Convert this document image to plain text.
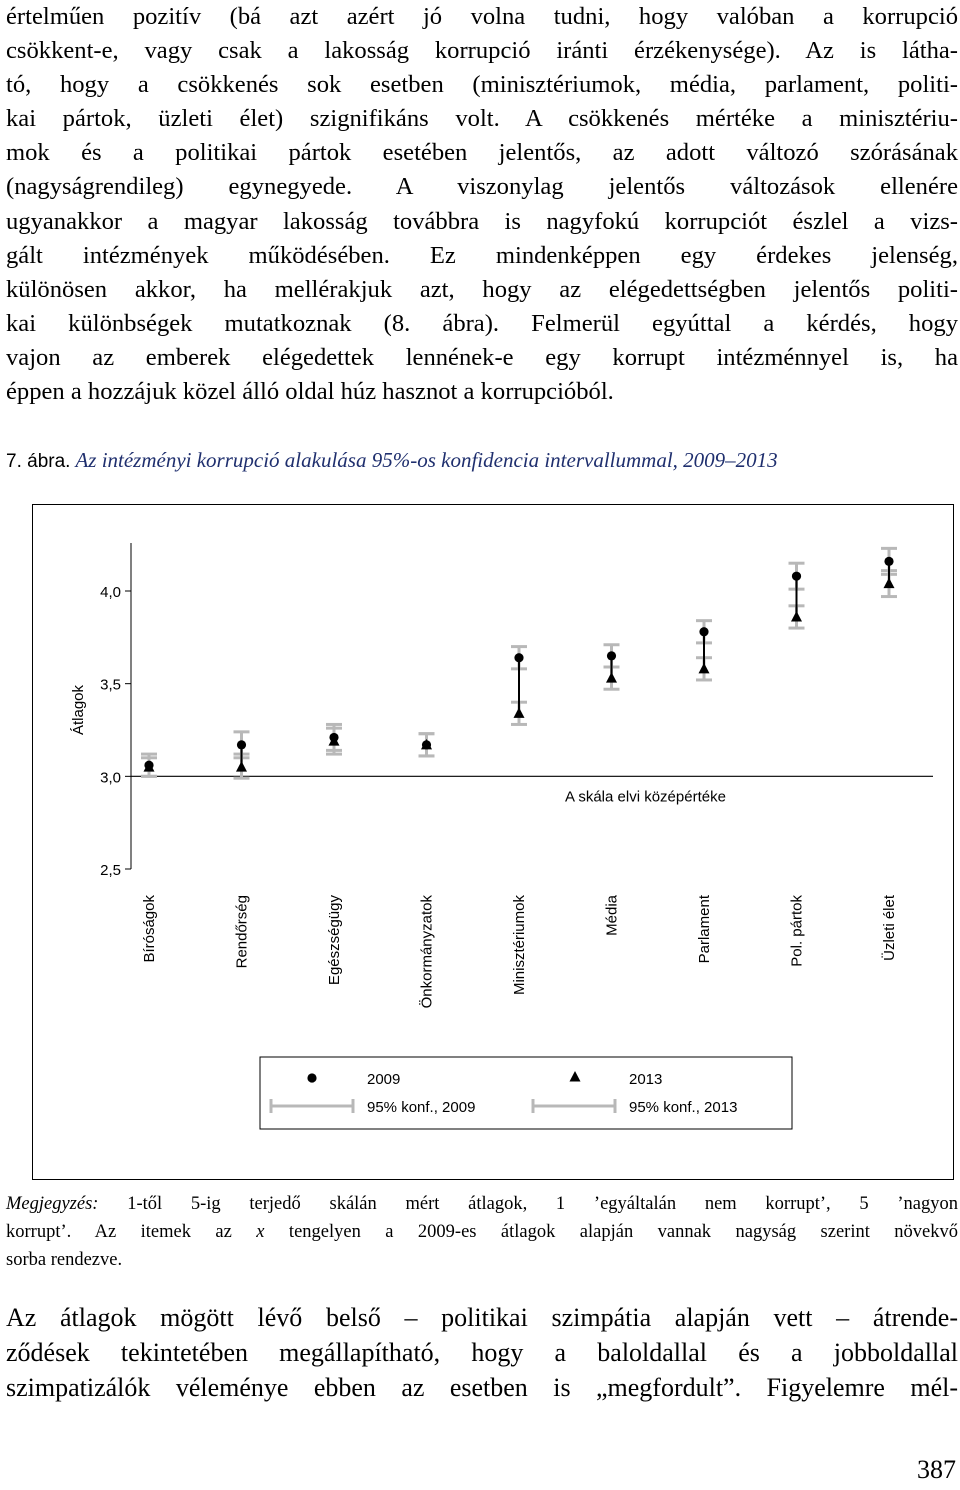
értelműen pozitív (bá azt azért jó volna tudni, hogy valóban a korrupció
csökkent-e, vagy csak a lakosság korrupció iránti érzékenysége). Az is látha-
tó, hogy a csökkenés sok esetben (minisztériumok, média, parlament, politi-
kai pártok, üzleti élet) szignifikáns volt. A csökkenés mértéke a minisztériu-
mok és a politikai pártok esetében jelentős, az adott változó szórásának
(nagyságrendileg) egynegyede. A viszonylag jelentős változások ellenére
ugyanakkor a magyar lakosság továbbra is nagyfokú korrupciót észlel a vizs-
gált intézmények működésében. Ez mindenképpen egy érdekes jelenség,
különösen akkor, ha mellérakjuk azt, hogy az elégedettségben jelentős politi-
kai különbségek mutatkoznak (8. ábra). Felmerül egyúttal a kérdés, hogy
vajon az emberek elégedettek lennének-e egy korrupt intézménnyel is, ha
éppen a hozzájuk közel álló oldal húz hasznot a korrupcióból.
7. ábra. Az intézményi korrupció alakulása 95%-os konfidencia intervallummal, 2009–2013
4,0
3,5
3,0
2,5
Átlagok
A skála elvi középértéke
Bíróságok	Rendőrség	Egészségügy	Önkormányzatok	Minisztériumok	Média	Parlament	Pol. pártok	Üzleti élet
2009	2013
95% konf., 2009	95% konf., 2013
Megjegyzés: 1-től 5-ig terjedő skálán mért átlagok, 1 ’egyáltalán nem korrupt’, 5 ’nagyon
korrupt’. Az itemek az x tengelyen a 2009-es átlagok alapján vannak nagyság szerint növekvő
sorba rendezve.
Az átlagok mögött lévő belső – politikai szimpátia alapján vett – átrende-
ződések tekintetében megállapítható, hogy a baloldallal és a jobboldallal
szimpatizálók véleménye ebben az esetben is „megfordult”. Figyelemre mél-
387
